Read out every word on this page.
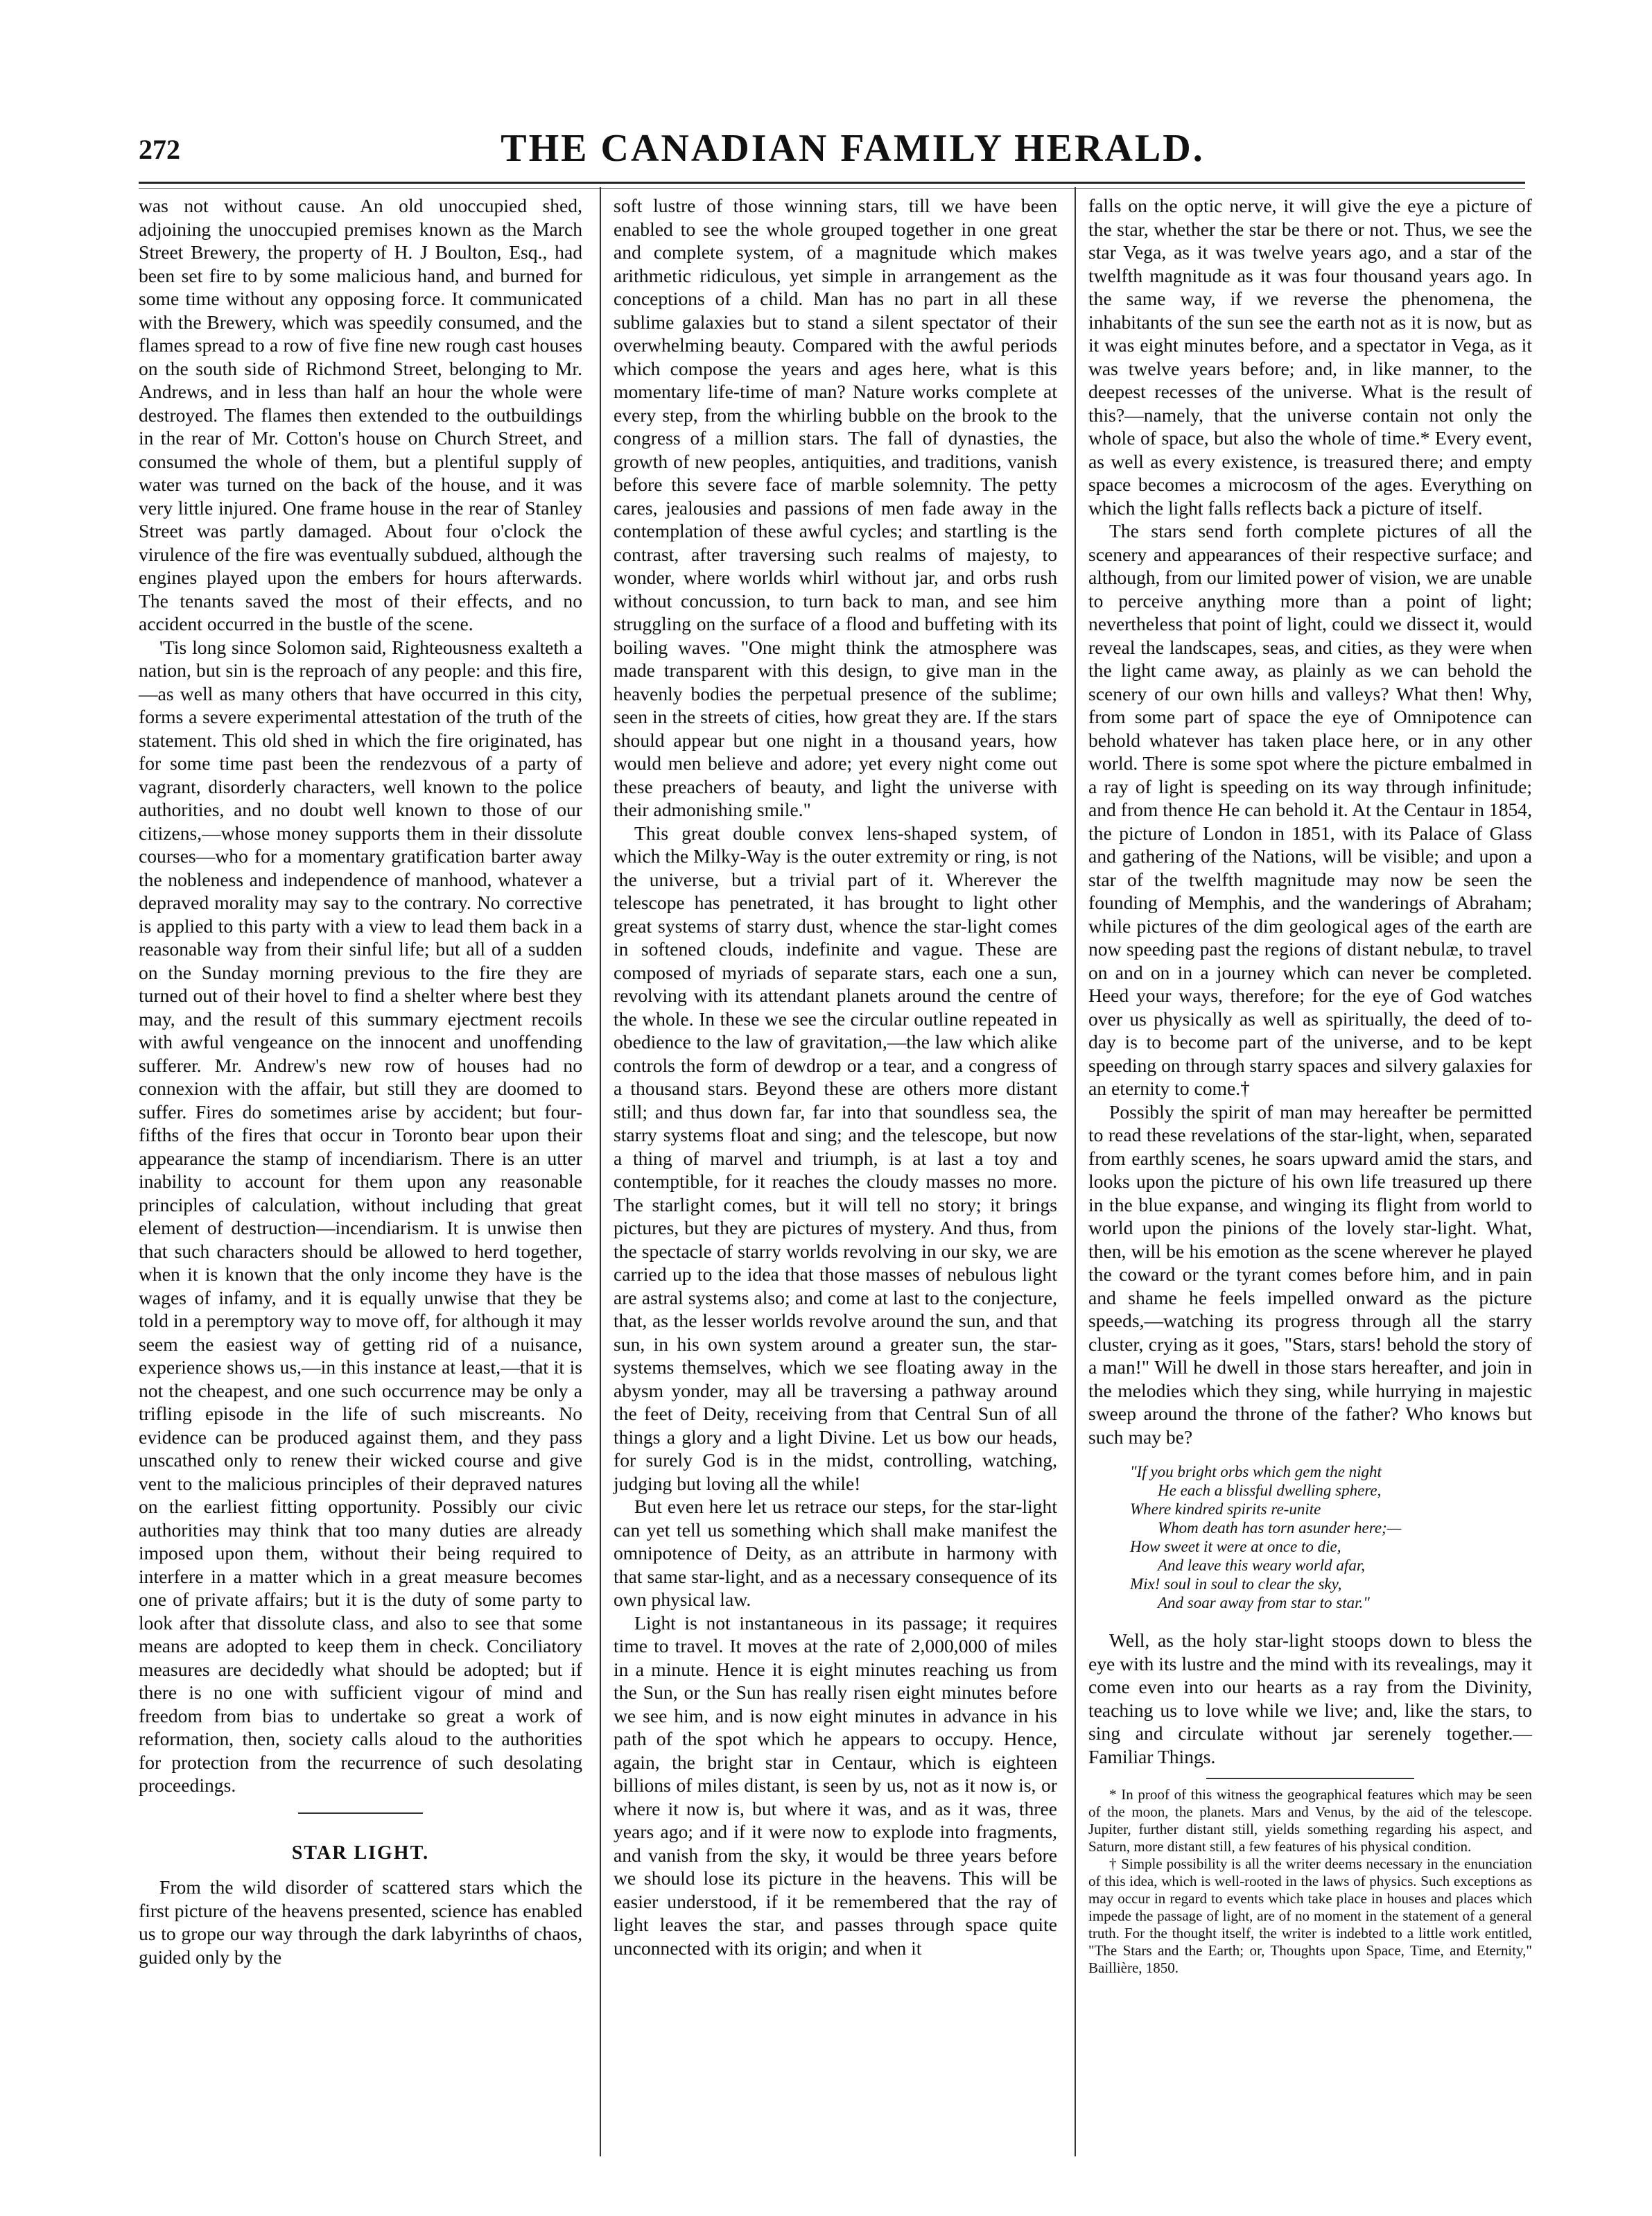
272	THE CANADIAN FAMILY HERALD.

was not without cause. An old unoccupied shed, adjoining the unoccupied premises known as the March Street Brewery, the property of H. J Boulton, Esq., had been set fire to by some malicious hand, and burned for some time without any opposing force. It communicated with the Brewery, which was speedily consumed, and the flames spread to a row of five fine new rough cast houses on the south side of Richmond Street, belonging to Mr. Andrews, and in less than half an hour the whole were destroyed. The flames then extended to the outbuildings in the rear of Mr. Cotton's house on Church Street, and consumed the whole of them, but a plentiful supply of water was turned on the back of the house, and it was very little injured. One frame house in the rear of Stanley Street was partly damaged. About four o'clock the virulence of the fire was eventually subdued, although the engines played upon the embers for hours afterwards. The tenants saved the most of their effects, and no accident occurred in the bustle of the scene.

'Tis long since Solomon said, Righteousness exalteth a nation, but sin is the reproach of any people: and this fire,—as well as many others that have occurred in this city, forms a severe experimental attestation of the truth of the statement. This old shed in which the fire originated, has for some time past been the rendezvous of a party of vagrant, disorderly characters, well known to the police authorities, and no doubt well known to those of our citizens,—whose money supports them in their dissolute courses—who for a momentary gratification barter away the nobleness and independence of manhood, whatever a depraved morality may say to the contrary. No corrective is applied to this party with a view to lead them back in a reasonable way from their sinful life; but all of a sudden on the Sunday morning previous to the fire they are turned out of their hovel to find a shelter where best they may, and the result of this summary ejectment recoils with awful vengeance on the innocent and unoffending sufferer. Mr. Andrew's new row of houses had no connexion with the affair, but still they are doomed to suffer. Fires do sometimes arise by accident; but four-fifths of the fires that occur in Toronto bear upon their appearance the stamp of incendiarism. There is an utter inability to account for them upon any reasonable principles of calculation, without including that great element of destruction—incendiarism. It is unwise then that such characters should be allowed to herd together, when it is known that the only income they have is the wages of infamy, and it is equally unwise that they be told in a peremptory way to move off, for although it may seem the easiest way of getting rid of a nuisance, experience shows us,—in this instance at least,—that it is not the cheapest, and one such occurrence may be only a trifling episode in the life of such miscreants. No evidence can be produced against them, and they pass unscathed only to renew their wicked course and give vent to the malicious principles of their depraved natures on the earliest fitting opportunity. Possibly our civic authorities may think that too many duties are already imposed upon them, without their being required to interfere in a matter which in a great measure becomes one of private affairs; but it is the duty of some party to look after that dissolute class, and also to see that some means are adopted to keep them in check. Conciliatory measures are decidedly what should be adopted; but if there is no one with sufficient vigour of mind and freedom from bias to undertake so great a work of reformation, then, society calls aloud to the authorities for protection from the recurrence of such desolating proceedings.

STAR LIGHT.

From the wild disorder of scattered stars which the first picture of the heavens presented, science has enabled us to grope our way through the dark labyrinths of chaos, guided only by the

soft lustre of those winning stars, till we have been enabled to see the whole grouped together in one great and complete system, of a magnitude which makes arithmetic ridiculous, yet simple in arrangement as the conceptions of a child. Man has no part in all these sublime galaxies but to stand a silent spectator of their overwhelming beauty. Compared with the awful periods which compose the years and ages here, what is this momentary life-time of man? Nature works complete at every step, from the whirling bubble on the brook to the congress of a million stars. The fall of dynasties, the growth of new peoples, antiquities, and traditions, vanish before this severe face of marble solemnity. The petty cares, jealousies and passions of men fade away in the contemplation of these awful cycles; and startling is the contrast, after traversing such realms of majesty, to wonder, where worlds whirl without jar, and orbs rush without concussion, to turn back to man, and see him struggling on the surface of a flood and buffeting with its boiling waves. "One might think the atmosphere was made transparent with this design, to give man in the heavenly bodies the perpetual presence of the sublime; seen in the streets of cities, how great they are. If the stars should appear but one night in a thousand years, how would men believe and adore; yet every night come out these preachers of beauty, and light the universe with their admonishing smile."

This great double convex lens-shaped system, of which the Milky-Way is the outer extremity or ring, is not the universe, but a trivial part of it. Wherever the telescope has penetrated, it has brought to light other great systems of starry dust, whence the star-light comes in softened clouds, indefinite and vague. These are composed of myriads of separate stars, each one a sun, revolving with its attendant planets around the centre of the whole. In these we see the circular outline repeated in obedience to the law of gravitation,—the law which alike controls the form of dewdrop or a tear, and a congress of a thousand stars. Beyond these are others more distant still; and thus down far, far into that soundless sea, the starry systems float and sing; and the telescope, but now a thing of marvel and triumph, is at last a toy and contemptible, for it reaches the cloudy masses no more. The starlight comes, but it will tell no story; it brings pictures, but they are pictures of mystery. And thus, from the spectacle of starry worlds revolving in our sky, we are carried up to the idea that those masses of nebulous light are astral systems also; and come at last to the conjecture, that, as the lesser worlds revolve around the sun, and that sun, in his own system around a greater sun, the star-systems themselves, which we see floating away in the abysm yonder, may all be traversing a pathway around the feet of Deity, receiving from that Central Sun of all things a glory and a light Divine. Let us bow our heads, for surely God is in the midst, controlling, watching, judging but loving all the while!

But even here let us retrace our steps, for the star-light can yet tell us something which shall make manifest the omnipotence of Deity, as an attribute in harmony with that same star-light, and as a necessary consequence of its own physical law.

Light is not instantaneous in its passage; it requires time to travel. It moves at the rate of 2,000,000 of miles in a minute. Hence it is eight minutes reaching us from the Sun, or the Sun has really risen eight minutes before we see him, and is now eight minutes in advance in his path of the spot which he appears to occupy. Hence, again, the bright star in Centaur, which is eighteen billions of miles distant, is seen by us, not as it now is, or where it now is, but where it was, and as it was, three years ago; and if it were now to explode into fragments, and vanish from the sky, it would be three years before we should lose its picture in the heavens. This will be easier understood, if it be remembered that the ray of light leaves the star, and passes through space quite unconnected with its origin; and when it

falls on the optic nerve, it will give the eye a picture of the star, whether the star be there or not. Thus, we see the star Vega, as it was twelve years ago, and a star of the twelfth magnitude as it was four thousand years ago. In the same way, if we reverse the phenomena, the inhabitants of the sun see the earth not as it is now, but as it was eight minutes before, and a spectator in Vega, as it was twelve years before; and, in like manner, to the deepest recesses of the universe. What is the result of this?—namely, that the universe contain not only the whole of space, but also the whole of time.* Every event, as well as every existence, is treasured there; and empty space becomes a microcosm of the ages. Everything on which the light falls reflects back a picture of itself.

The stars send forth complete pictures of all the scenery and appearances of their respective surface; and although, from our limited power of vision, we are unable to perceive anything more than a point of light; nevertheless that point of light, could we dissect it, would reveal the landscapes, seas, and cities, as they were when the light came away, as plainly as we can behold the scenery of our own hills and valleys? What then! Why, from some part of space the eye of Omnipotence can behold whatever has taken place here, or in any other world. There is some spot where the picture embalmed in a ray of light is speeding on its way through infinitude; and from thence He can behold it. At the Centaur in 1854, the picture of London in 1851, with its Palace of Glass and gathering of the Nations, will be visible; and upon a star of the twelfth magnitude may now be seen the founding of Memphis, and the wanderings of Abraham; while pictures of the dim geological ages of the earth are now speeding past the regions of distant nebulæ, to travel on and on in a journey which can never be completed. Heed your ways, therefore; for the eye of God watches over us physically as well as spiritually, the deed of to-day is to become part of the universe, and to be kept speeding on through starry spaces and silvery galaxies for an eternity to come.†

Possibly the spirit of man may hereafter be permitted to read these revelations of the star-light, when, separated from earthly scenes, he soars upward amid the stars, and looks upon the picture of his own life treasured up there in the blue expanse, and winging its flight from world to world upon the pinions of the lovely star-light. What, then, will be his emotion as the scene wherever he played the coward or the tyrant comes before him, and in pain and shame he feels impelled onward as the picture speeds,—watching its progress through all the starry cluster, crying as it goes, "Stars, stars! behold the story of a man!" Will he dwell in those stars hereafter, and join in the melodies which they sing, while hurrying in majestic sweep around the throne of the father? Who knows but such may be?

"If you bright orbs which gem the night
He each a blissful dwelling sphere,
Where kindred spirits re-unite
Whom death has torn asunder here;—
How sweet it were at once to die,
And leave this weary world afar,
Mix! soul in soul to clear the sky,
And soar away from star to star."

Well, as the holy star-light stoops down to bless the eye with its lustre and the mind with its revealings, may it come even into our hearts as a ray from the Divinity, teaching us to love while we live; and, like the stars, to sing and circulate without jar serenely together.—Familiar Things.

* In proof of this witness the geographical features which may be seen of the moon, the planets. Mars and Venus, by the aid of the telescope. Jupiter, further distant still, yields something regarding his aspect, and Saturn, more distant still, a few features of his physical condition.

† Simple possibility is all the writer deems necessary in the enunciation of this idea, which is well-rooted in the laws of physics. Such exceptions as may occur in regard to events which take place in houses and places which impede the passage of light, are of no moment in the statement of a general truth. For the thought itself, the writer is indebted to a little work entitled, "The Stars and the Earth; or, Thoughts upon Space, Time, and Eternity," Baillière, 1850.
